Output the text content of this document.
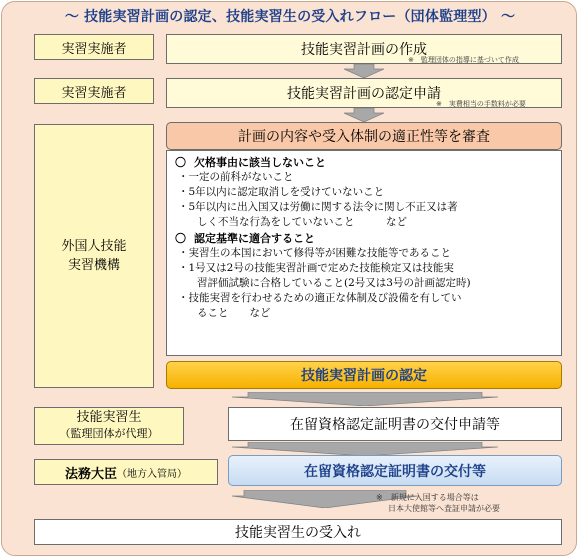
〜 技能実習計画の認定、技能実習生の受入れフロー（団体監理型） 〜
実習実施者	技能実習計画の作成
※　監理団体の指導に基づいて作成
実習実施者	技能実習計画の認定申請
※　実費相当の手数料が必要
外国人技能
実習機構
計画の内容や受入体制の適正性等を審査
〇 欠格事由に該当しないこと
・ 一定の前科がないこと
・ 5年以内に認定取消しを受けていないこと
・ 5年以内に出入国又は労働に関する法令に関し不正又は著
しく不当な行為をしていないこと　　　など
〇 認定基準に適合すること
・ 実習生の本国において修得等が困難な技能等であること
・ 1号又は2号の技能実習計画で定めた技能検定又は技能実
習評価試験に合格していること(2号又は3号の計画認定時)
・ 技能実習を行わせるための適正な体制及び設備を有してい
ること　　など
技能実習計画の認定
技能実習生
（監理団体が代理）
在留資格認定証明書の交付申請等
法務大臣 （地方入管局）	在留資格認定証明書の交付等
※　新規に入国する場合等は
日本大使館等へ査証申請が必要
技能実習生の受入れ
